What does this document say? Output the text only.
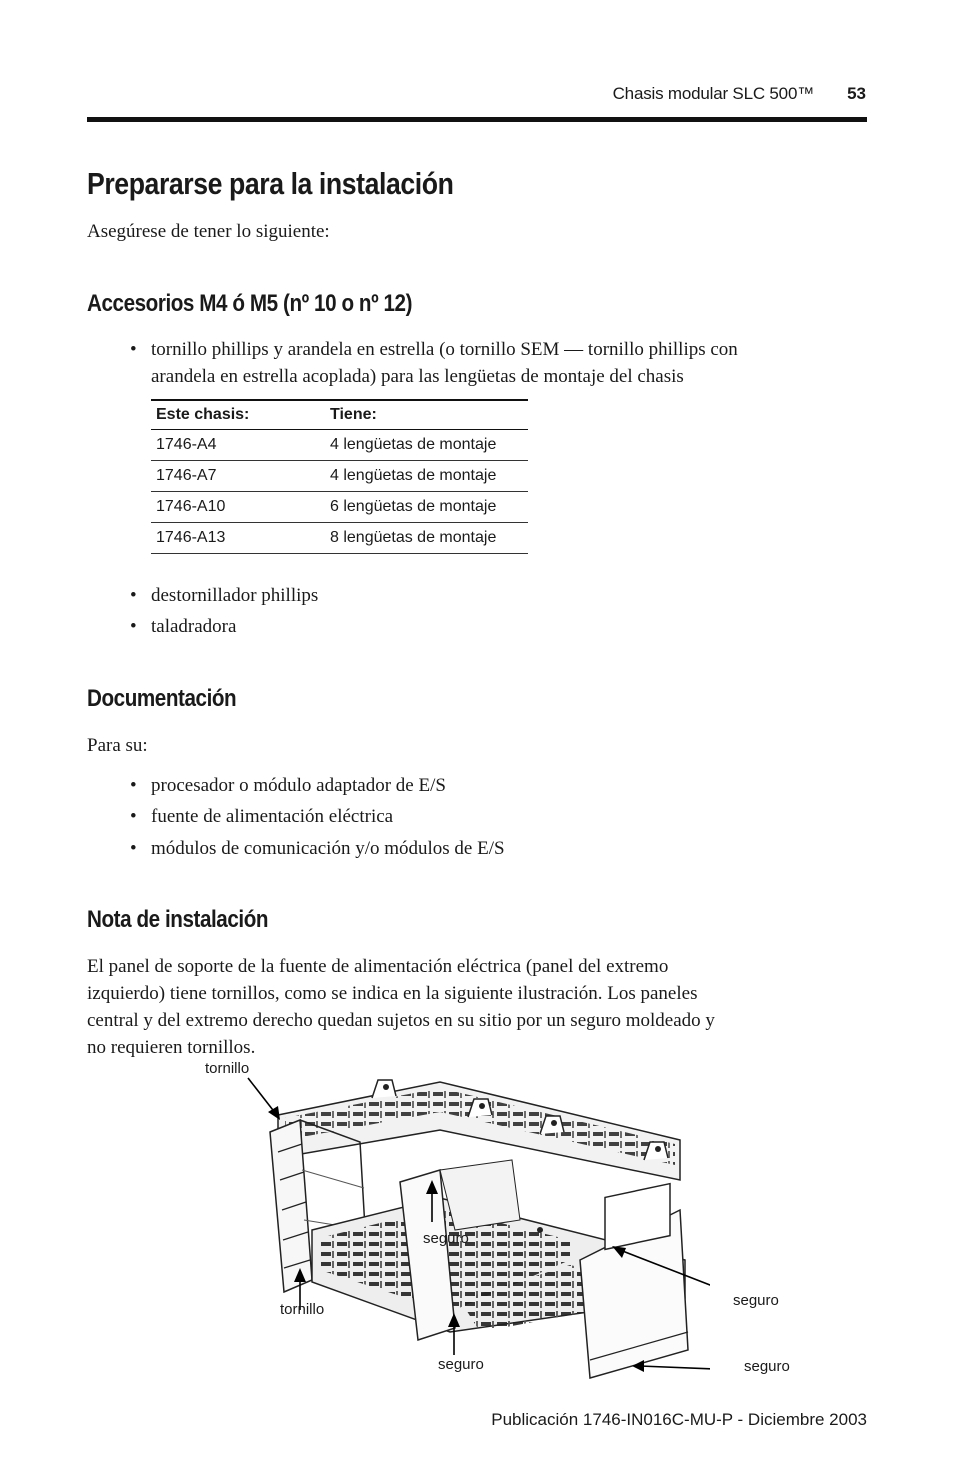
Chasis modular SLC 500™ 53
Prepararse para la instalación

Asegúrese de tener lo siguiente:

Accesorios M4 ó M5 (nº 10 o nº 12)
• tornillo phillips y arandela en estrella (o tornillo SEM — tornillo phillips con
arandela en estrella acoplada) para las lengüetas de montaje del chasis
Este chasis:	Tiene:
1746-A4	4 lengüetas de montaje
1746-A7	4 lengüetas de montaje
1746-A10	6 lengüetas de montaje
1746-A13	8 lengüetas de montaje
• destornillador phillips
• taladradora
Documentación

Para su:

• procesador o módulo adaptador de E/S
• fuente de alimentación eléctrica
• módulos de comunicación y/o módulos de E/S
Nota de instalación
El panel de soporte de la fuente de alimentación eléctrica (panel del extremo
izquierdo) tiene tornillos, como se indica en la siguiente ilustración. Los paneles
central y del extremo derecho quedan sujetos en su sitio por un seguro moldeado y
no requieren tornillos.
tornillo
tornillo
seguro
seguro
seguro
seguro
Publicación 1746-IN016C-MU-P - Diciembre 2003
